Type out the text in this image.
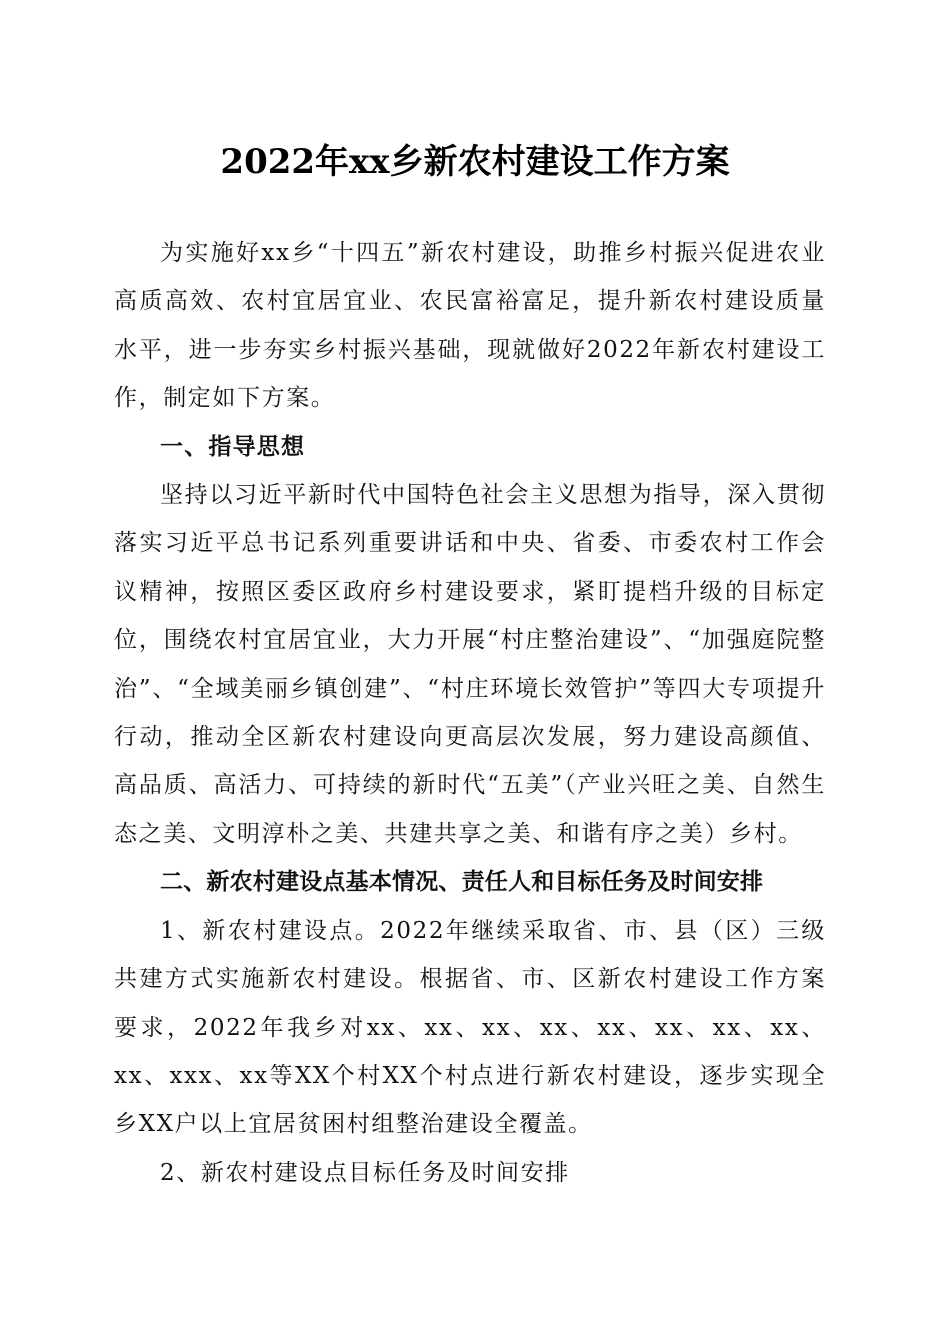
2022年xx乡新农村建设工作方案

为实施好xx乡“十四五”新农村建设，助推乡村振兴促进农业高质高效、农村宜居宜业、农民富裕富足，提升新农村建设质量水平，进一步夯实乡村振兴基础，现就做好2022年新农村建设工作，制定如下方案。

一、指导思想

坚持以习近平新时代中国特色社会主义思想为指导，深入贯彻落实习近平总书记系列重要讲话和中央、省委、市委农村工作会议精神，按照区委区政府乡村建设要求，紧盯提档升级的目标定位，围绕农村宜居宜业，大力开展“村庄整治建设”、“加强庭院整治”、“全域美丽乡镇创建”、“村庄环境长效管护”等四大专项提升行动，推动全区新农村建设向更高层次发展，努力建设高颜值、高品质、高活力、可持续的新时代“五美”（产业兴旺之美、自然生态之美、文明淳朴之美、共建共享之美、和谐有序之美）乡村。

二、新农村建设点基本情况、责任人和目标任务及时间安排

1、新农村建设点。2022年继续采取省、市、县（区）三级共建方式实施新农村建设。根据省、市、区新农村建设工作方案要求，2022年我乡对xx、xx、xx、xx、xx、xx、xx、xx、xx、xxx、xx等XX个村XX个村点进行新农村建设，逐步实现全乡XX户以上宜居贫困村组整治建设全覆盖。

2、新农村建设点目标任务及时间安排
